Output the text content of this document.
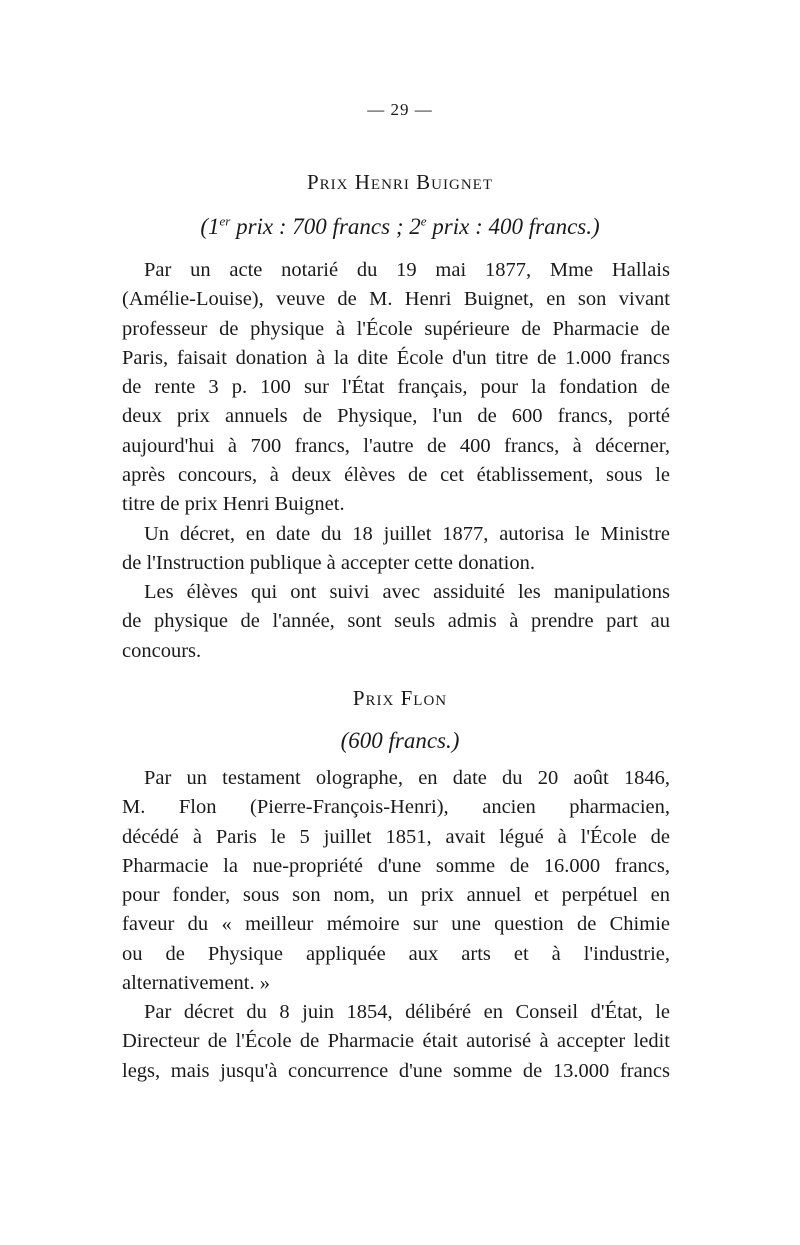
— 29 —
Prix Henri Buignet
(1er prix : 700 francs ; 2e prix : 400 francs.)
Par un acte notarié du 19 mai 1877, Mme Hallais
(Amélie-Louise), veuve de M. Henri Buignet, en son vivant
professeur de physique à l'École supérieure de Pharmacie de
Paris, faisait donation à la dite École d'un titre de 1.000 francs
de rente 3 p. 100 sur l'État français, pour la fondation de
deux prix annuels de Physique, l'un de 600 francs, porté
aujourd'hui à 700 francs, l'autre de 400 francs, à décerner,
après concours, à deux élèves de cet établissement, sous le
titre de prix Henri Buignet.
Un décret, en date du 18 juillet 1877, autorisa le Ministre
de l'Instruction publique à accepter cette donation.
Les élèves qui ont suivi avec assiduité les manipulations
de physique de l'année, sont seuls admis à prendre part au
concours.
Prix Flon
(600 francs.)
Par un testament olographe, en date du 20 août 1846,
M. Flon (Pierre-François-Henri), ancien pharmacien,
décédé à Paris le 5 juillet 1851, avait légué à l'École de
Pharmacie la nue-propriété d'une somme de 16.000 francs,
pour fonder, sous son nom, un prix annuel et perpétuel en
faveur du « meilleur mémoire sur une question de Chimie
ou de Physique appliquée aux arts et à l'industrie,
alternativement. »
Par décret du 8 juin 1854, délibéré en Conseil d'État, le
Directeur de l'École de Pharmacie était autorisé à accepter ledit
legs, mais jusqu'à concurrence d'une somme de 13.000 francs
